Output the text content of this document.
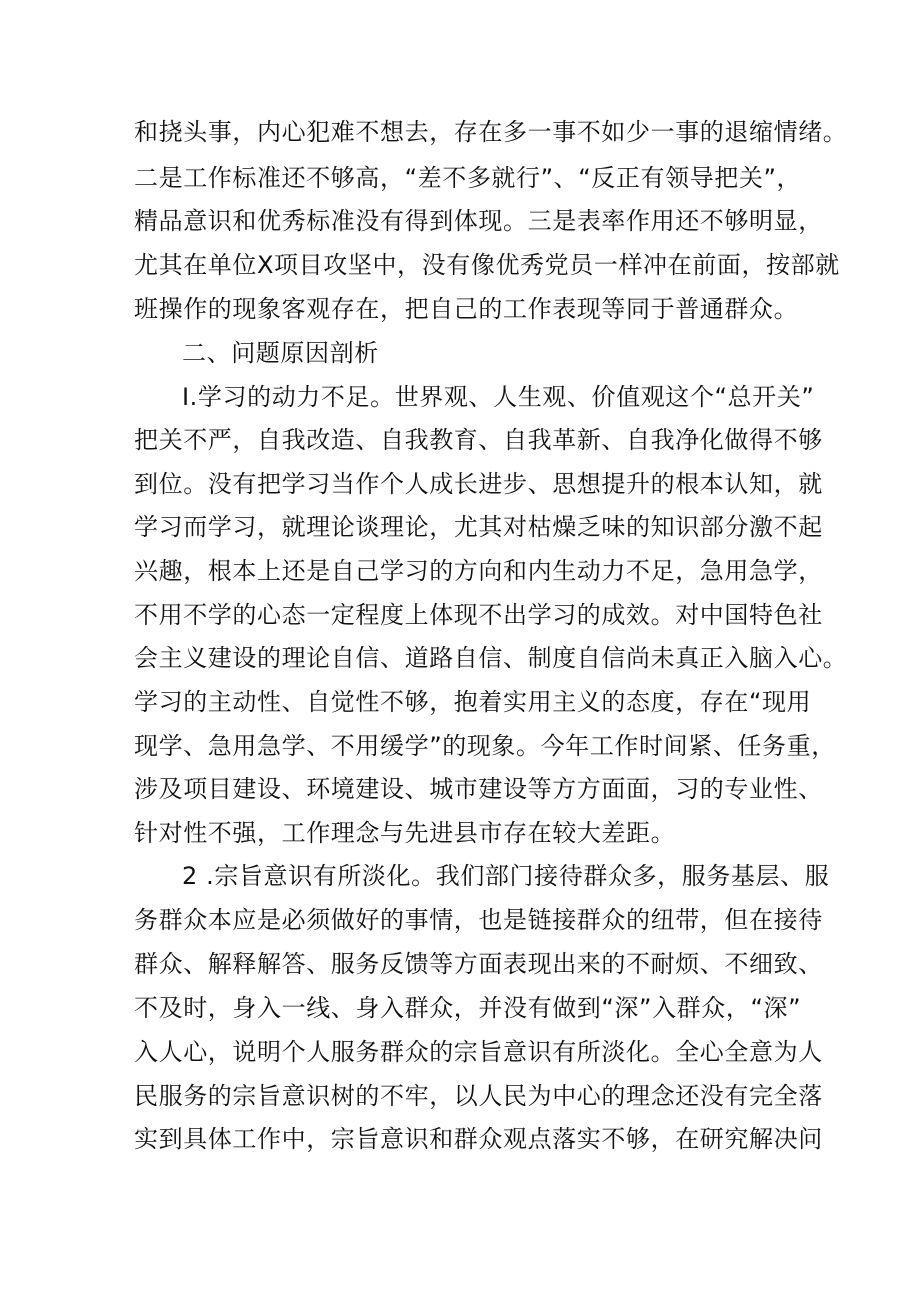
和挠头事，内心犯难不想去，存在多一事不如少一事的退缩情绪。
二是工作标准还不够高，“差不多就行”、“反正有领导把关”，
精品意识和优秀标准没有得到体现。三是表率作用还不够明显，
尤其在单位X项目攻坚中，没有像优秀党员一样冲在前面，按部就
班操作的现象客观存在，把自己的工作表现等同于普通群众。
二、问题原因剖析
I.学习的动力不足。世界观、人生观、价值观这个“总开关”
把关不严，自我改造、自我教育、自我革新、自我净化做得不够
到位。没有把学习当作个人成长进步、思想提升的根本认知，就
学习而学习，就理论谈理论，尤其对枯燥乏味的知识部分激不起
兴趣，根本上还是自己学习的方向和内生动力不足，急用急学，
不用不学的心态一定程度上体现不出学习的成效。对中国特色社
会主义建设的理论自信、道路自信、制度自信尚未真正入脑入心。
学习的主动性、自觉性不够，抱着实用主义的态度，存在“现用
现学、急用急学、不用缓学”的现象。今年工作时间紧、任务重，
涉及项目建设、环境建设、城市建设等方方面面，习的专业性、
针对性不强，工作理念与先进县市存在较大差距。
2 .宗旨意识有所淡化。我们部门接待群众多，服务基层、服
务群众本应是必须做好的事情，也是链接群众的纽带，但在接待
群众、解释解答、服务反馈等方面表现出来的不耐烦、不细致、
不及时，身入一线、身入群众，并没有做到“深”入群众，“深”
入人心，说明个人服务群众的宗旨意识有所淡化。全心全意为人
民服务的宗旨意识树的不牢，以人民为中心的理念还没有完全落
实到具体工作中，宗旨意识和群众观点落实不够，在研究解决问
